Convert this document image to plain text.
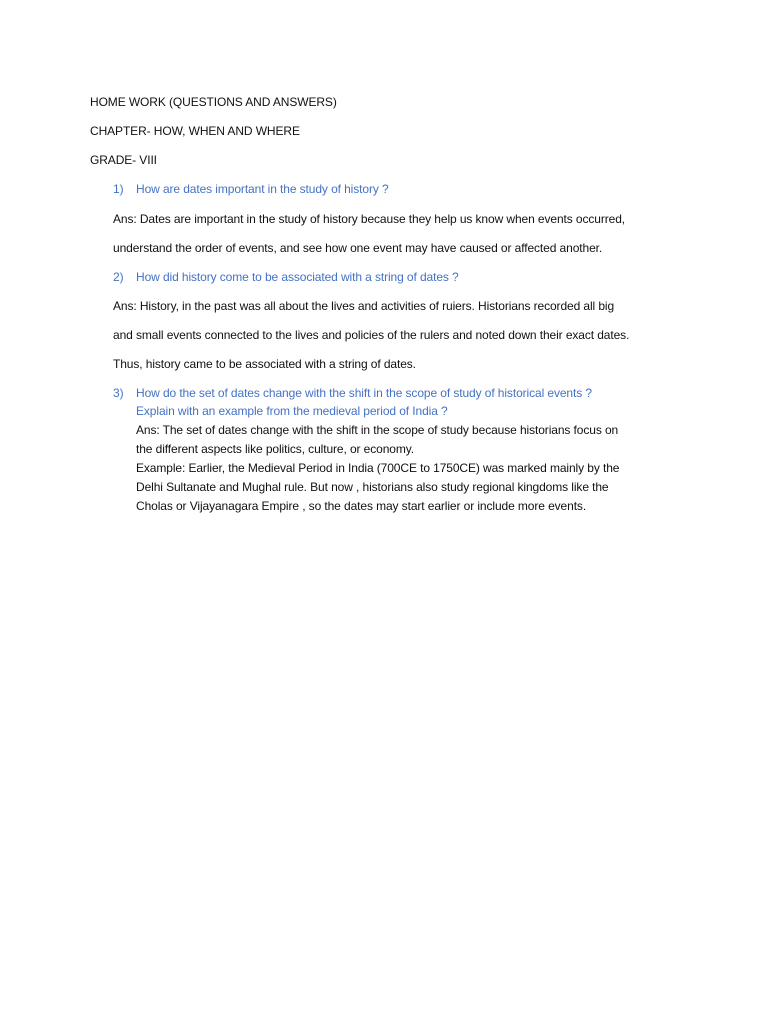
HOME WORK (QUESTIONS AND ANSWERS)
CHAPTER- HOW, WHEN AND WHERE
GRADE- VIII
1) How are dates important in the study of history ?
Ans: Dates are important in the study of history because they help us know when events occurred,
understand the order of events, and see how one event may have caused or affected another.
2) How did history come to be associated with a string of dates ?
Ans: History, in the past was all about the lives and activities of ruiers. Historians recorded all big
and small events connected to the lives and policies of the rulers and noted down their exact dates.
Thus, history came to be associated with a string of dates.
3) How do the set of dates change with the shift in the scope of study of historical events ?
Explain with an example from the medieval period of India ?
Ans: The set of dates change with the shift in the scope of study because historians focus on
the different aspects like politics, culture, or economy.
Example: Earlier, the Medieval Period in India (700CE to 1750CE) was marked mainly by the
Delhi Sultanate and Mughal rule. But now , historians also study regional kingdoms like the
Cholas or Vijayanagara Empire , so the dates may start earlier or include more events.
